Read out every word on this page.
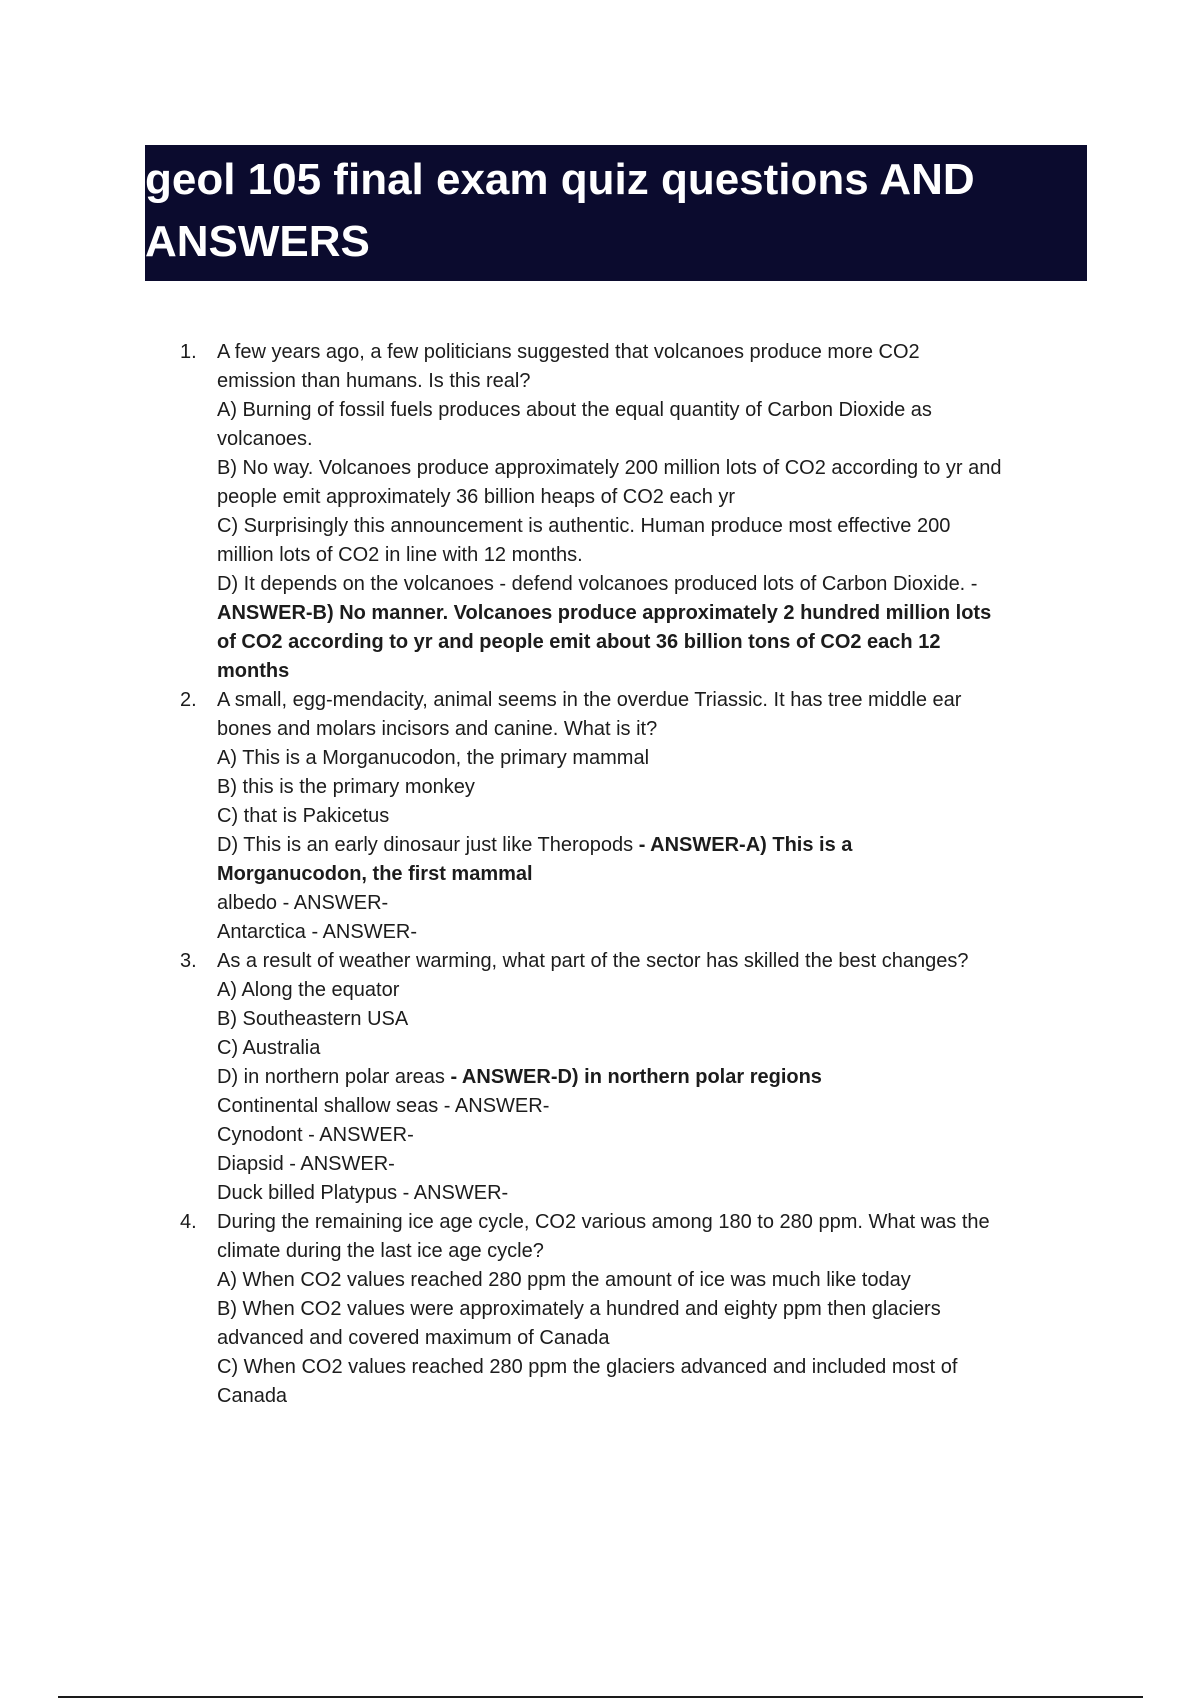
geol 105 final exam quiz questions AND
ANSWERS
1. A few years ago, a few politicians suggested that volcanoes produce more CO2
emission than humans. Is this real?
A) Burning of fossil fuels produces about the equal quantity of Carbon Dioxide as
volcanoes.
B) No way. Volcanoes produce approximately 200 million lots of CO2 according to yr and
people emit approximately 36 billion heaps of CO2 each yr
C) Surprisingly this announcement is authentic. Human produce most effective 200
million lots of CO2 in line with 12 months.
D) It depends on the volcanoes - defend volcanoes produced lots of Carbon Dioxide. -
ANSWER-B) No manner. Volcanoes produce approximately 2 hundred million lots
of CO2 according to yr and people emit about 36 billion tons of CO2 each 12
months
2. A small, egg-mendacity, animal seems in the overdue Triassic. It has tree middle ear
bones and molars incisors and canine. What is it?
A) This is a Morganucodon, the primary mammal
B) this is the primary monkey
C) that is Pakicetus
D) This is an early dinosaur just like Theropods - ANSWER-A) This is a
Morganucodon, the first mammal
albedo - ANSWER-
Antarctica - ANSWER-
3. As a result of weather warming, what part of the sector has skilled the best changes?
A) Along the equator
B) Southeastern USA
C) Australia
D) in northern polar areas - ANSWER-D) in northern polar regions
Continental shallow seas - ANSWER-
Cynodont - ANSWER-
Diapsid - ANSWER-
Duck billed Platypus - ANSWER-
4. During the remaining ice age cycle, CO2 various among 180 to 280 ppm. What was the
climate during the last ice age cycle?
A) When CO2 values reached 280 ppm the amount of ice was much like today
B) When CO2 values were approximately a hundred and eighty ppm then glaciers
advanced and covered maximum of Canada
C) When CO2 values reached 280 ppm the glaciers advanced and included most of
Canada
